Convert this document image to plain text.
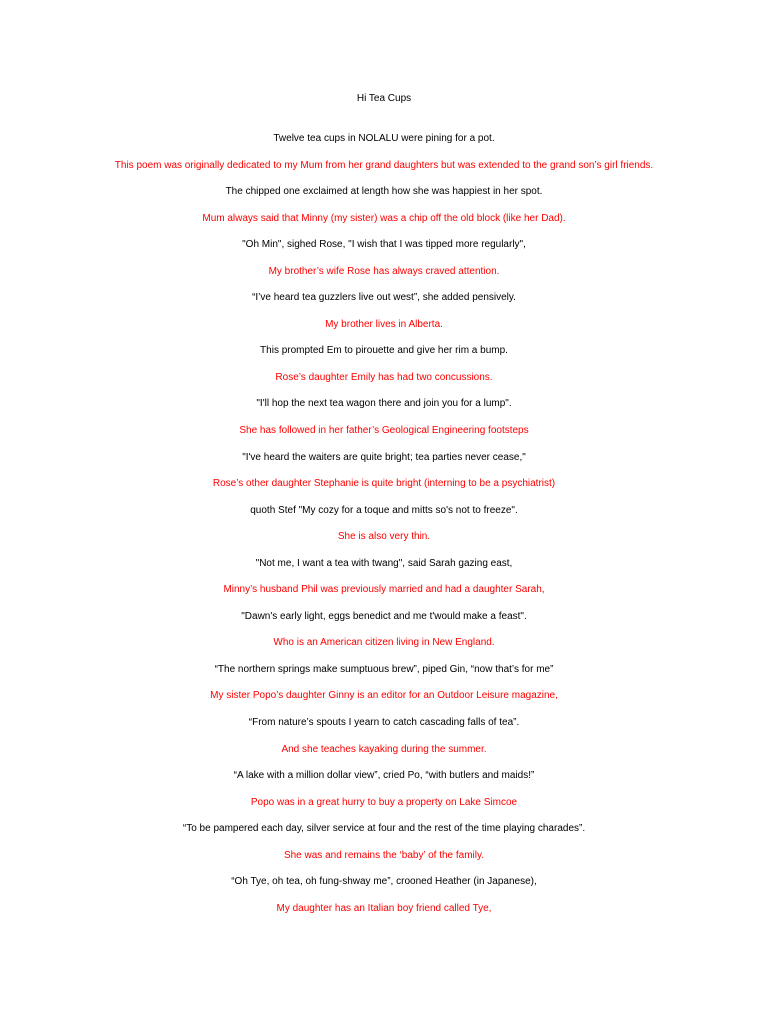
Hi Tea Cups
Twelve tea cups in NOLALU were pining for a pot.
This poem was originally dedicated to my Mum from her grand daughters but was extended to the grand son’s girl friends.
The chipped one exclaimed at length how she was happiest in her spot.
Mum always said that Minny (my sister) was a chip off the old block (like her Dad).
"Oh Min", sighed Rose, "I wish that I was tipped more regularly",
My brother’s wife Rose has always craved attention.
“I’ve heard tea guzzlers live out west”, she added pensively.
My brother lives in Alberta.
This prompted Em to pirouette and give her rim a bump.
Rose’s daughter Emily has had two concussions.
"I'll hop the next tea wagon there and join you for a lump".
She has followed in her father’s Geological Engineering footsteps
"I've heard the waiters are quite bright; tea parties never cease,"
Rose’s other daughter Stephanie is quite bright (interning to be a psychiatrist)
quoth Stef "My cozy for a toque and mitts so's not to freeze".
She is also very thin.
"Not me, I want a tea with twang", said Sarah gazing east,
Minny’s husband Phil was previously married and had a daughter Sarah,
"Dawn's early light, eggs benedict and me t'would make a feast".
Who is an American citizen living in New England.
“The northern springs make sumptuous brew”, piped Gin, “now that’s for me”
My sister Popo’s daughter Ginny is an editor for an Outdoor Leisure magazine,
“From nature’s spouts I yearn to catch cascading falls of tea”.
And she teaches kayaking during the summer.
“A lake with a million dollar view”, cried Po, “with butlers and maids!”
Popo was in a great hurry to buy a property on Lake Simcoe
“To be pampered each day, silver service at four and the rest of the time playing charades”.
She was and remains the ‘baby’ of the family.
“Oh Tye, oh tea, oh fung-shway me”, crooned Heather (in Japanese),
My daughter has an Italian boy friend called Tye,
